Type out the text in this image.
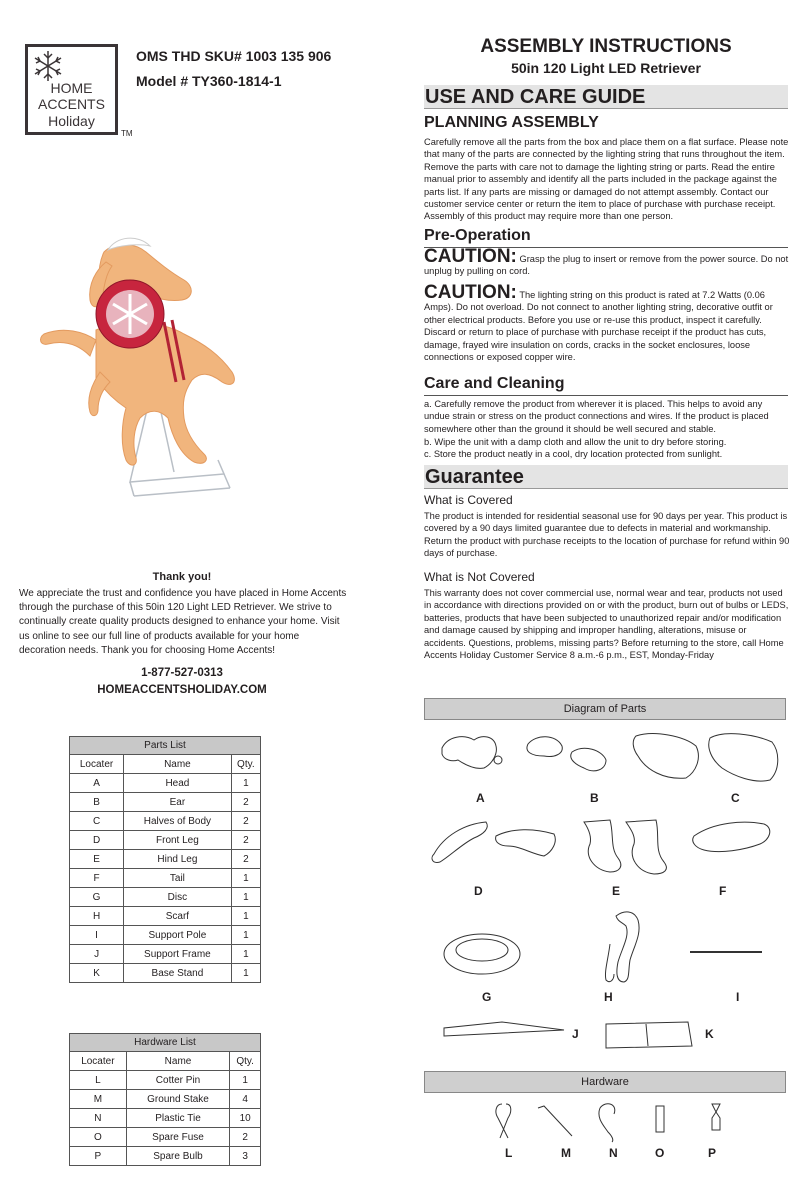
HOME
ACCENTS
Holiday
TM
OMS THD SKU# 1003 135 906
Model # TY360-1814-1
Thank you!
We appreciate the trust and confidence you have placed in Home Accents through the purchase of this 50in 120 Light LED Retriever. We strive to continually create quality products designed to enhance your home. Visit us online to see our full line of products available for your home decoration needs. Thank you for choosing Home Accents!
1-877-527-0313
HOMEACCENTSHOLIDAY.COM
Parts List		
Locater	Name	Qty.
A	Head	1
B	Ear	2
C	Halves of Body	2
D	Front Leg	2
E	Hind Leg	2
F	Tail	1
G	Disc	1
H	Scarf	1
I	Support Pole	1
J	Support Frame	1
K	Base Stand	1
Hardware List		
Locater	Name	Qty.
L	Cotter Pin	1
M	Ground Stake	4
N	Plastic Tie	10
O	Spare Fuse	2
P	Spare Bulb	3
ASSEMBLY INSTRUCTIONS
50in 120 Light LED Retriever
USE AND CARE GUIDE
PLANNING ASSEMBLY
Carefully remove all the parts from the box and place them on a flat surface. Please note that many of the parts are connected by the lighting string that runs throughout the item. Remove the parts with care not to damage the lighting string or parts. Read the entire manual prior to assembly and identify all the parts included in the package against the parts list. If any parts are missing or damaged do not attempt assembly. Contact our customer service center or return the item to place of purchase with purchase receipt. Assembly of this product may require more than one person.
Pre-Operation
CAUTION: Grasp the plug to insert or remove from the power source. Do not unplug by pulling on cord.
CAUTION: The lighting string on this product is rated at 7.2 Watts (0.06 Amps). Do not overload. Do not connect to another lighting string, decorative outfit or other electrical products. Before you use or re-use this product, inspect it carefully. Discard or return to place of purchase with purchase receipt if the product has cuts, damage, frayed wire insulation on cords, cracks in the socket enclosures, loose connections or exposed copper wire.
Care and Cleaning
a. Carefully remove the product from wherever it is placed. This helps to avoid any undue strain or stress on the product connections and wires. If the product is placed somewhere other than the ground it should be well secured and stable.
b. Wipe the unit with a damp cloth and allow the unit to dry before storing.
c. Store the product neatly in a cool, dry location protected from sunlight.
Guarantee
What is Covered
The product is intended for residential seasonal use for 90 days per year. This product is covered by a 90 days limited guarantee due to defects in material and workmanship. Return the product with purchase receipts to the location of purchase for refund within 90 days of purchase.
What is Not Covered
This warranty does not cover commercial use, normal wear and tear, products not used in accordance with directions provided on or with the product, burn out of bulbs or LEDS, batteries, products that have been subjected to unauthorized repair and/or modification and damage caused by shipping and improper handling, alterations, misuse or accidents. Questions, problems, missing parts? Before returning to the store, call Home Accents Holiday Customer Service 8 a.m.-6 p.m., EST, Monday-Friday
Diagram of Parts
A	B	C
D	E	F
G	H	I
J	K
Hardware
L	M	N	O	P
